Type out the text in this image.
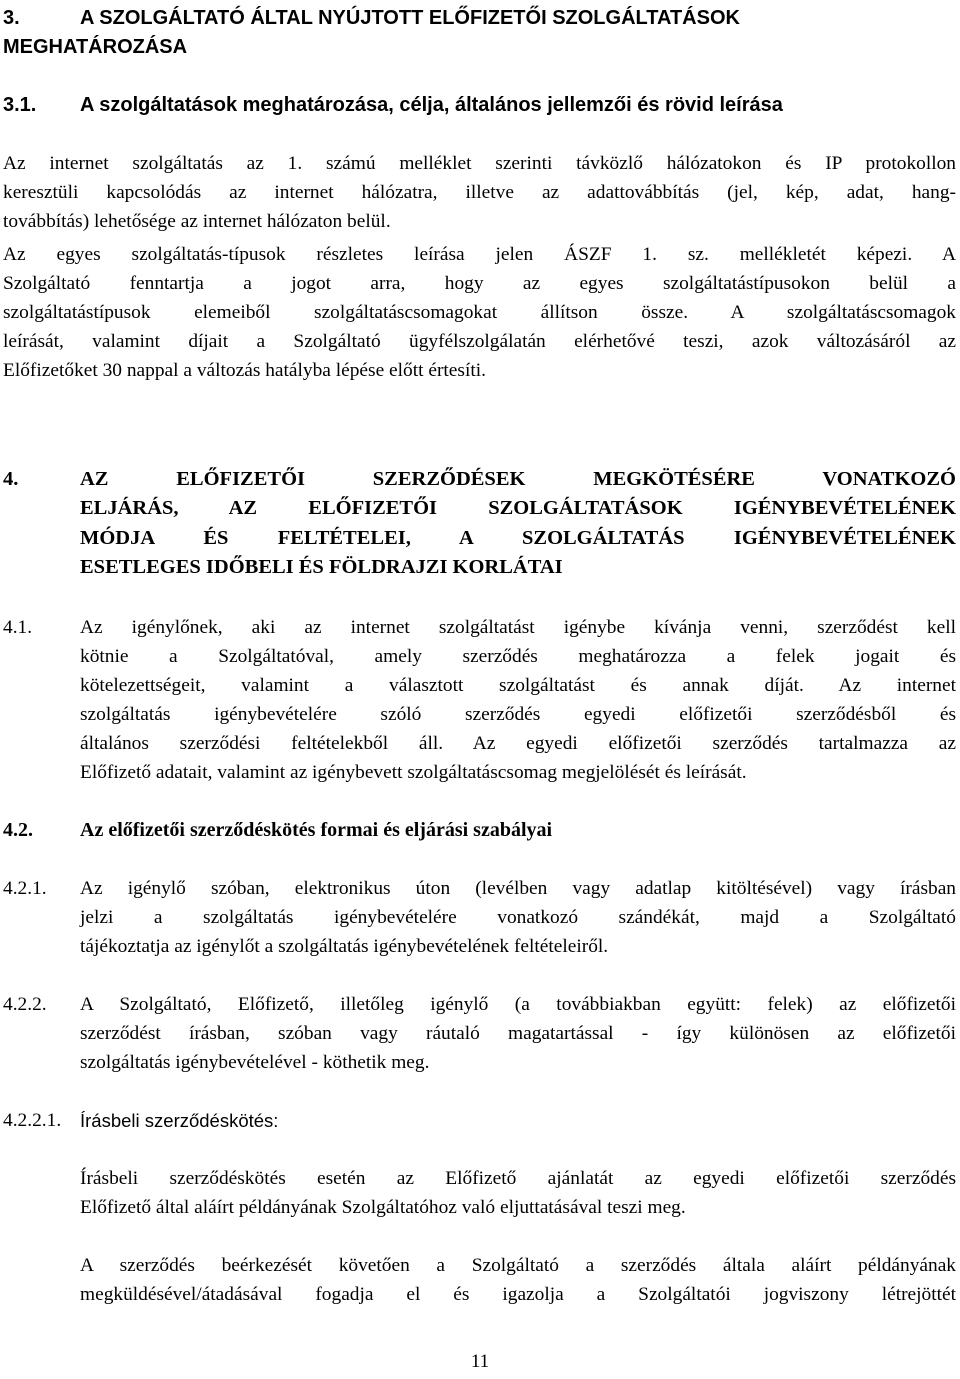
3.	A SZOLGÁLTATÓ ÁLTAL NYÚJTOTT ELŐFIZETŐI SZOLGÁLTATÁSOK
MEGHATÁROZÁSA
3.1. A szolgáltatások meghatározása, célja, általános jellemzői és rövid leírása
Az internet szolgáltatás az 1. számú melléklet szerinti távközlő hálózatokon és IP protokollon
keresztüli kapcsolódás az internet hálózatra, illetve az adattovábbítás (jel, kép, adat, hang-
továbbítás) lehetősége az internet hálózaton belül.
Az egyes szolgáltatás-típusok részletes leírása jelen ÁSZF 1. sz. mellékletét képezi. A
Szolgáltató fenntartja a jogot arra, hogy az egyes szolgáltatástípusokon belül a
szolgáltatástípusok elemeiből szolgáltatáscsomagokat állítson össze. A szolgáltatáscsomagok
leírását, valamint díjait a Szolgáltató ügyfélszolgálatán elérhetővé teszi, azok változásáról az
Előfizetőket 30 nappal a változás hatályba lépése előtt értesíti.
4.	AZ ELŐFIZETŐI SZERZŐDÉSEK MEGKÖTÉSÉRE VONATKOZÓ
ELJÁRÁS, AZ ELŐFIZETŐI SZOLGÁLTATÁSOK IGÉNYBEVÉTELÉNEK
MÓDJA ÉS FELTÉTELEI, A SZOLGÁLTATÁS IGÉNYBEVÉTELÉNEK
ESETLEGES IDŐBELI ÉS FÖLDRAJZI KORLÁTAI
4.1. Az igénylőnek, aki az internet szolgáltatást igénybe kívánja venni, szerződést kell
kötnie a Szolgáltatóval, amely szerződés meghatározza a felek jogait és
kötelezettségeit, valamint a választott szolgáltatást és annak díját. Az internet
szolgáltatás igénybevételére szóló szerződés egyedi előfizetői szerződésből és
általános szerződési feltételekből áll. Az egyedi előfizetői szerződés tartalmazza az
Előfizető adatait, valamint az igénybevett szolgáltatáscsomag megjelölését és leírását.
4.2. Az előfizetői szerződéskötés formai és eljárási szabályai
4.2.1. Az igénylő szóban, elektronikus úton (levélben vagy adatlap kitöltésével) vagy írásban
jelzi a szolgáltatás igénybevételére vonatkozó szándékát, majd a Szolgáltató
tájékoztatja az igénylőt a szolgáltatás igénybevételének feltételeiről.
4.2.2. A Szolgáltató, Előfizető, illetőleg igénylő (a továbbiakban együtt: felek) az előfizetői
szerződést írásban, szóban vagy ráutaló magatartással - így különösen az előfizetői
szolgáltatás igénybevételével - köthetik meg.
4.2.2.1. Írásbeli szerződéskötés:
Írásbeli szerződéskötés esetén az Előfizető ajánlatát az egyedi előfizetői szerződés
Előfizető által aláírt példányának Szolgáltatóhoz való eljuttatásával teszi meg.
A szerződés beérkezését követően a Szolgáltató a szerződés általa aláírt példányának
megküldésével/átadásával fogadja el és igazolja a Szolgáltatói jogviszony létrejöttét
11
